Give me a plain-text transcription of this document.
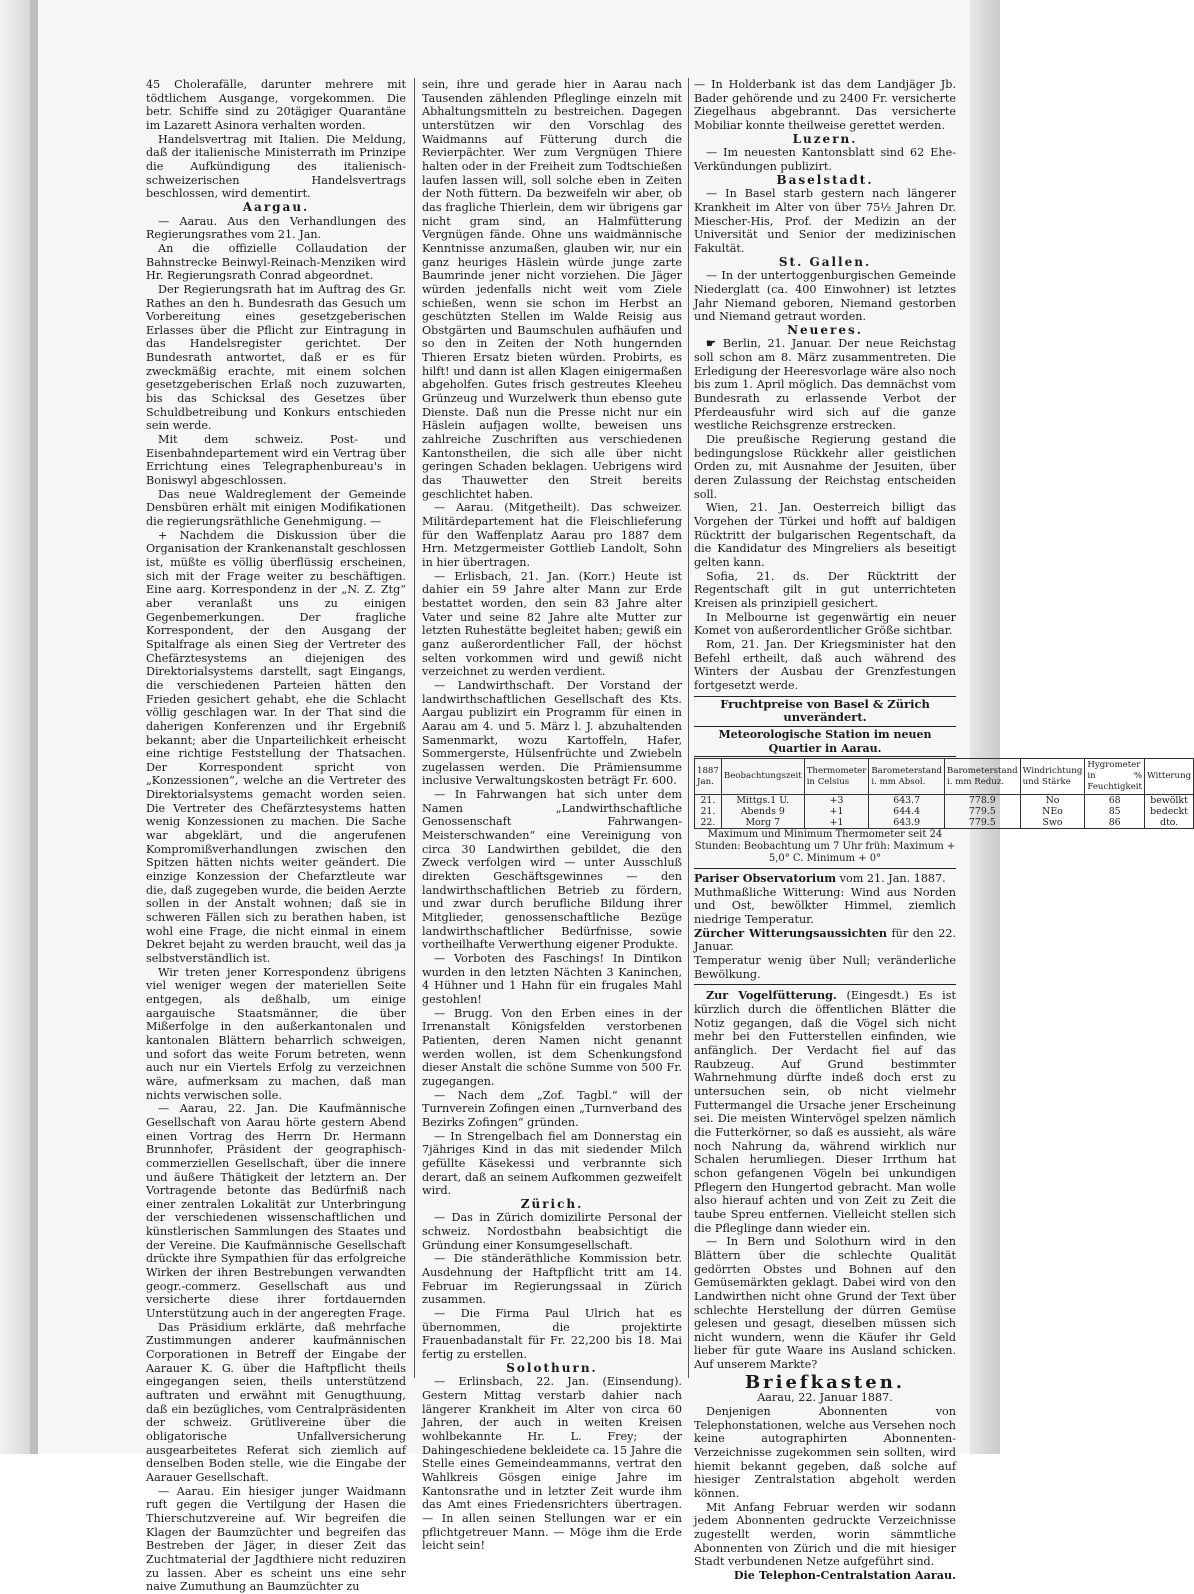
45 Cholerafälle, darunter mehrere mit tödtlichem Ausgange, vorgekommen. Die betr. Schiffe sind zu 20tägiger Quarantäne im Lazarett Asinora verhalten worden.

Handelsvertrag mit Italien. Die Meldung, daß der italienische Ministerrath im Prinzipe die Aufkündigung des italienisch-schweizerischen Handelsvertrags beschlossen, wird dementirt.

Aargau.

— Aarau. Aus den Verhandlungen des Regierungsrathes vom 21. Jan.

An die offizielle Collaudation der Bahnstrecke Beinwyl-Reinach-Menziken wird Hr. Regierungsrath Conrad abgeordnet.

Der Regierungsrath hat im Auftrag des Gr. Rathes an den h. Bundesrath das Gesuch um Vorbereitung eines gesetzgeberischen Erlasses über die Pflicht zur Eintragung in das Handelsregister gerichtet. Der Bundesrath antwortet, daß er es für zweckmäßig erachte, mit einem solchen gesetzgeberischen Erlaß noch zuzuwarten, bis das Schicksal des Gesetzes über Schuldbetreibung und Konkurs entschieden sein werde.

Mit dem schweiz. Post- und Eisenbahndepartement wird ein Vertrag über Errichtung eines Telegraphenbureau's in Boniswyl abgeschlossen.

Das neue Waldreglement der Gemeinde Densbüren erhält mit einigen Modifikationen die regierungsräthliche Genehmigung. —

+ Nachdem die Diskussion über die Organisation der Krankenanstalt geschlossen ist, müßte es völlig überflüssig erscheinen, sich mit der Frage weiter zu beschäftigen. Eine aarg. Korrespondenz in der „N. Z. Ztg“ aber veranlaßt uns zu einigen Gegenbemerkungen. Der fragliche Korrespondent, der den Ausgang der Spitalfrage als einen Sieg der Vertreter des Chefärztesystems an diejenigen des Direktorialsystems darstellt, sagt Eingangs, die verschiedenen Parteien hätten den Frieden gesichert gehabt, ehe die Schlacht völlig geschlagen war. In der That sind die daherigen Konferenzen und ihr Ergebniß bekannt; aber die Unparteilichkeit erheischt eine richtige Feststellung der Thatsachen. Der Korrespondent spricht von „Konzessionen“, welche an die Vertreter des Direktorialsystems gemacht worden seien. Die Vertreter des Chefärztesystems hatten wenig Konzessionen zu machen. Die Sache war abgeklärt, und die angerufenen Kompromißverhandlungen zwischen den Spitzen hätten nichts weiter geändert. Die einzige Konzession der Chefarztleute war die, daß zugegeben wurde, die beiden Aerzte sollen in der Anstalt wohnen; daß sie in schweren Fällen sich zu berathen haben, ist wohl eine Frage, die nicht einmal in einem Dekret bejaht zu werden braucht, weil das ja selbstverständlich ist.

Wir treten jener Korrespondenz übrigens viel weniger wegen der materiellen Seite entgegen, als deßhalb, um einige aargauische Staatsmänner, die über Mißerfolge in den außerkantonalen und kantonalen Blättern beharrlich schweigen, und sofort das weite Forum betreten, wenn auch nur ein Viertels Erfolg zu verzeichnen wäre, aufmerksam zu machen, daß man nichts verwischen solle.

— Aarau, 22. Jan. Die Kaufmännische Gesellschaft von Aarau hörte gestern Abend einen Vortrag des Herrn Dr. Hermann Brunnhofer, Präsident der geographisch-commerziellen Gesellschaft, über die innere und äußere Thätigkeit der letztern an. Der Vortragende betonte das Bedürfniß nach einer zentralen Lokalität zur Unterbringung der verschiedenen wissenschaftlichen und künstlerischen Sammlungen des Staates und der Vereine. Die Kaufmännische Gesellschaft drückte ihre Sympathien für das erfolgreiche Wirken der ihren Bestrebungen verwandten geogr.-commerz. Gesellschaft aus und versicherte diese ihrer fortdauernden Unterstützung auch in der angeregten Frage.

Das Präsidium erklärte, daß mehrfache Zustimmungen anderer kaufmännischen Corporationen in Betreff der Eingabe der Aarauer K. G. über die Haftpflicht theils eingegangen seien, theils unterstützend auftraten und erwähnt mit Genugthuung, daß ein bezügliches, vom Centralpräsidenten der schweiz. Grütlivereine über die obligatorische Unfallversicherung ausgearbeitetes Referat sich ziemlich auf denselben Boden stelle, wie die Eingabe der Aarauer Gesellschaft.

— Aarau. Ein hiesiger junger Waidmann ruft gegen die Vertilgung der Hasen die Thierschutzvereine auf. Wir begreifen die Klagen der Baumzüchter und begreifen das Bestreben der Jäger, in dieser Zeit das Zuchtmaterial der Jagdthiere nicht reduziren zu lassen. Aber es scheint uns eine sehr naive Zumuthung an Baumzüchter zu

sein, ihre und gerade hier in Aarau nach Tausenden zählenden Pfleglinge einzeln mit Abhaltungsmitteln zu bestreichen. Dagegen unterstützen wir den Vorschlag des Waidmanns auf Fütterung durch die Revierpächter. Wer zum Vergnügen Thiere halten oder in der Freiheit zum Todtschießen laufen lassen will, soll solche eben in Zeiten der Noth füttern. Da bezweifeln wir aber, ob das fragliche Thierlein, dem wir übrigens gar nicht gram sind, an Halmfütterung Vergnügen fände. Ohne uns waidmännische Kenntnisse anzumaßen, glauben wir, nur ein ganz heuriges Häslein würde junge zarte Baumrinde jener nicht vorziehen. Die Jäger würden jedenfalls nicht weit vom Ziele schießen, wenn sie schon im Herbst an geschützten Stellen im Walde Reisig aus Obstgärten und Baumschulen aufhäufen und so den in Zeiten der Noth hungernden Thieren Ersatz bieten würden. Probirts, es hilft! und dann ist allen Klagen einigermaßen abgeholfen. Gutes frisch gestreutes Kleeheu Grünzeug und Wurzelwerk thun ebenso gute Dienste. Daß nun die Presse nicht nur ein Häslein aufjagen wollte, beweisen uns zahlreiche Zuschriften aus verschiedenen Kantonstheilen, die sich alle über nicht geringen Schaden beklagen. Uebrigens wird das Thauwetter den Streit bereits geschlichtet haben.

— Aarau. (Mitgetheilt). Das schweizer. Militärdepartement hat die Fleischlieferung für den Waffenplatz Aarau pro 1887 dem Hrn. Metzgermeister Gottlieb Landolt, Sohn in hier übertragen.

— Erlisbach, 21. Jan. (Korr.) Heute ist dahier ein 59 Jahre alter Mann zur Erde bestattet worden, den sein 83 Jahre alter Vater und seine 82 Jahre alte Mutter zur letzten Ruhestätte begleitet haben; gewiß ein ganz außerordentlicher Fall, der höchst selten vorkommen wird und gewiß nicht verzeichnet zu werden verdient.

— Landwirthschaft. Der Vorstand der landwirthschaftlichen Gesellschaft des Kts. Aargau publizirt ein Programm für einen in Aarau am 4. und 5. März l. J. abzuhaltenden Samenmarkt, wozu Kartoffeln, Hafer, Sommergerste, Hülsenfrüchte und Zwiebeln zugelassen werden. Die Prämiensumme inclusive Verwaltungskosten beträgt Fr. 600.

— In Fahrwangen hat sich unter dem Namen „Landwirthschaftliche Genossenschaft Fahrwangen-Meisterschwanden“ eine Vereinigung von circa 30 Landwirthen gebildet, die den Zweck verfolgen wird — unter Ausschluß direkten Geschäftsgewinnes — den landwirthschaftlichen Betrieb zu fördern, und zwar durch berufliche Bildung ihrer Mitglieder, genossenschaftliche Bezüge landwirthschaftlicher Bedürfnisse, sowie vortheilhafte Verwerthung eigener Produkte.

— Vorboten des Faschings! In Dintikon wurden in den letzten Nächten 3 Kaninchen, 4 Hühner und 1 Hahn für ein frugales Mahl gestohlen!

— Brugg. Von den Erben eines in der Irrenanstalt Königsfelden verstorbenen Patienten, deren Namen nicht genannt werden wollen, ist dem Schenkungsfond dieser Anstalt die schöne Summe von 500 Fr. zugegangen.

— Nach dem „Zof. Tagbl.“ will der Turnverein Zofingen einen „Turnverband des Bezirks Zofingen“ gründen.

— In Strengelbach fiel am Donnerstag ein 7jähriges Kind in das mit siedender Milch gefüllte Käsekessi und verbrannte sich derart, daß an seinem Aufkommen gezweifelt wird.

Zürich.

— Das in Zürich domizilirte Personal der schweiz. Nordostbahn beabsichtigt die Gründung einer Konsumgesellschaft.

— Die ständeräthliche Kommission betr. Ausdehnung der Haftpflicht tritt am 14. Februar im Regierungssaal in Zürich zusammen.

— Die Firma Paul Ulrich hat es übernommen, die projektirte Frauenbadanstalt für Fr. 22,200 bis 18. Mai fertig zu erstellen.

Solothurn.

— Erlinsbach, 22. Jan. (Einsendung). Gestern Mittag verstarb dahier nach längerer Krankheit im Alter von circa 60 Jahren, der auch in weiten Kreisen wohlbekannte Hr. L. Frey; der Dahingeschiedene bekleidete ca. 15 Jahre die Stelle eines Gemeindeammanns, vertrat den Wahlkreis Gösgen einige Jahre im Kantonsrathe und in letzter Zeit wurde ihm das Amt eines Friedensrichters übertragen. — In allen seinen Stellungen war er ein pflichtgetreuer Mann. — Möge ihm die Erde leicht sein!

— In Holderbank ist das dem Landjäger Jb. Bader gehörende und zu 2400 Fr. versicherte Ziegelhaus abgebrannt. Das versicherte Mobiliar konnte theilweise gerettet werden.

Luzern.

— Im neuesten Kantonsblatt sind 62 Ehe-Verkündungen publizirt.

Baselstadt.

— In Basel starb gestern nach längerer Krankheit im Alter von über 75½ Jahren Dr. Miescher-His, Prof. der Medizin an der Universität und Senior der medizinischen Fakultät.

St. Gallen.

— In der untertoggenburgischen Gemeinde Niederglatt (ca. 400 Einwohner) ist letztes Jahr Niemand geboren, Niemand gestorben und Niemand getraut worden.

Neueres.

☛ Berlin, 21. Januar. Der neue Reichstag soll schon am 8. März zusammentreten. Die Erledigung der Heeresvorlage wäre also noch bis zum 1. April möglich. Das demnächst vom Bundesrath zu erlassende Verbot der Pferdeausfuhr wird sich auf die ganze westliche Reichsgrenze erstrecken.

Die preußische Regierung gestand die bedingungslose Rückkehr aller geistlichen Orden zu, mit Ausnahme der Jesuiten, über deren Zulassung der Reichstag entscheiden soll.

Wien, 21. Jan. Oesterreich billigt das Vorgehen der Türkei und hofft auf baldigen Rücktritt der bulgarischen Regentschaft, da die Kandidatur des Mingreliers als beseitigt gelten kann.

Sofia, 21. ds. Der Rücktritt der Regentschaft gilt in gut unterrichteten Kreisen als prinzipiell gesichert.

In Melbourne ist gegenwärtig ein neuer Komet von außerordentlicher Größe sichtbar.

Rom, 21. Jan. Der Kriegsminister hat den Befehl ertheilt, daß auch während des Winters der Ausbau der Grenzfestungen fortgesetzt werde.

Fruchtpreise von Basel & Zürich unverändert.
Meteorologische Station im neuen Quartier in Aarau.
1887 Jan.	Beobachtungszeit	Thermometer in Celsius	Barometerstand i. mm Absol.	Barometerstand i. mm Reduz.	Windrichtung und Stärke	Hygrometer in % Feuchtigkeit	Witterung
21.	Mittgs.1 U.	+3	643.7	778.9	No	68	bewölkt
21.	Abends 9	+1	644.4	779.5	NEo	85	bedeckt
22.	Morg 7	+1	643.9	779.5	Swo	86	dto.
Maximum und Minimum Thermometer seit 24 Stunden: Beobachtung um 7 Uhr früh: Maximum + 5,0° C. Minimum + 0°

Pariser Observatorium vom 21. Jan. 1887.

Muthmaßliche Witterung: Wind aus Norden und Ost, bewölkter Himmel, ziemlich niedrige Temperatur.

Zürcher Witterungsaussichten für den 22. Januar.

Temperatur wenig über Null; veränderliche Bewölkung.

Zur Vogelfütterung. (Eingesdt.) Es ist kürzlich durch die öffentlichen Blätter die Notiz gegangen, daß die Vögel sich nicht mehr bei den Futterstellen einfinden, wie anfänglich. Der Verdacht fiel auf das Raubzeug. Auf Grund bestimmter Wahrnehmung dürfte indeß doch erst zu untersuchen sein, ob nicht vielmehr Futtermangel die Ursache jener Erscheinung sei. Die meisten Wintervögel spelzen nämlich die Futterkörner, so daß es aussieht, als wäre noch Nahrung da, während wirklich nur Schalen herumliegen. Dieser Irrthum hat schon gefangenen Vögeln bei unkundigen Pflegern den Hungertod gebracht. Man wolle also hierauf achten und von Zeit zu Zeit die taube Spreu entfernen. Vielleicht stellen sich die Pfleglinge dann wieder ein.

— In Bern und Solothurn wird in den Blättern über die schlechte Qualität gedörrten Obstes und Bohnen auf den Gemüsemärkten geklagt. Dabei wird von den Landwirthen nicht ohne Grund der Text über schlechte Herstellung der dürren Gemüse gelesen und gesagt, dieselben müssen sich nicht wundern, wenn die Käufer ihr Geld lieber für gute Waare ins Ausland schicken. Auf unserem Markte?

Briefkasten.

Aarau, 22. Januar 1887.

Denjenigen Abonnenten von Telephonstationen, welche aus Versehen noch keine autographirten Abonnenten-Verzeichnisse zugekommen sein sollten, wird hiemit bekannt gegeben, daß solche auf hiesiger Zentralstation abgeholt werden können.

Mit Anfang Februar werden wir sodann jedem Abonnenten gedruckte Verzeichnisse zugestellt werden, worin sämmtliche Abonnenten von Zürich und die mit hiesiger Stadt verbundenen Netze aufgeführt sind.

Die Telephon-Centralstation Aarau.
